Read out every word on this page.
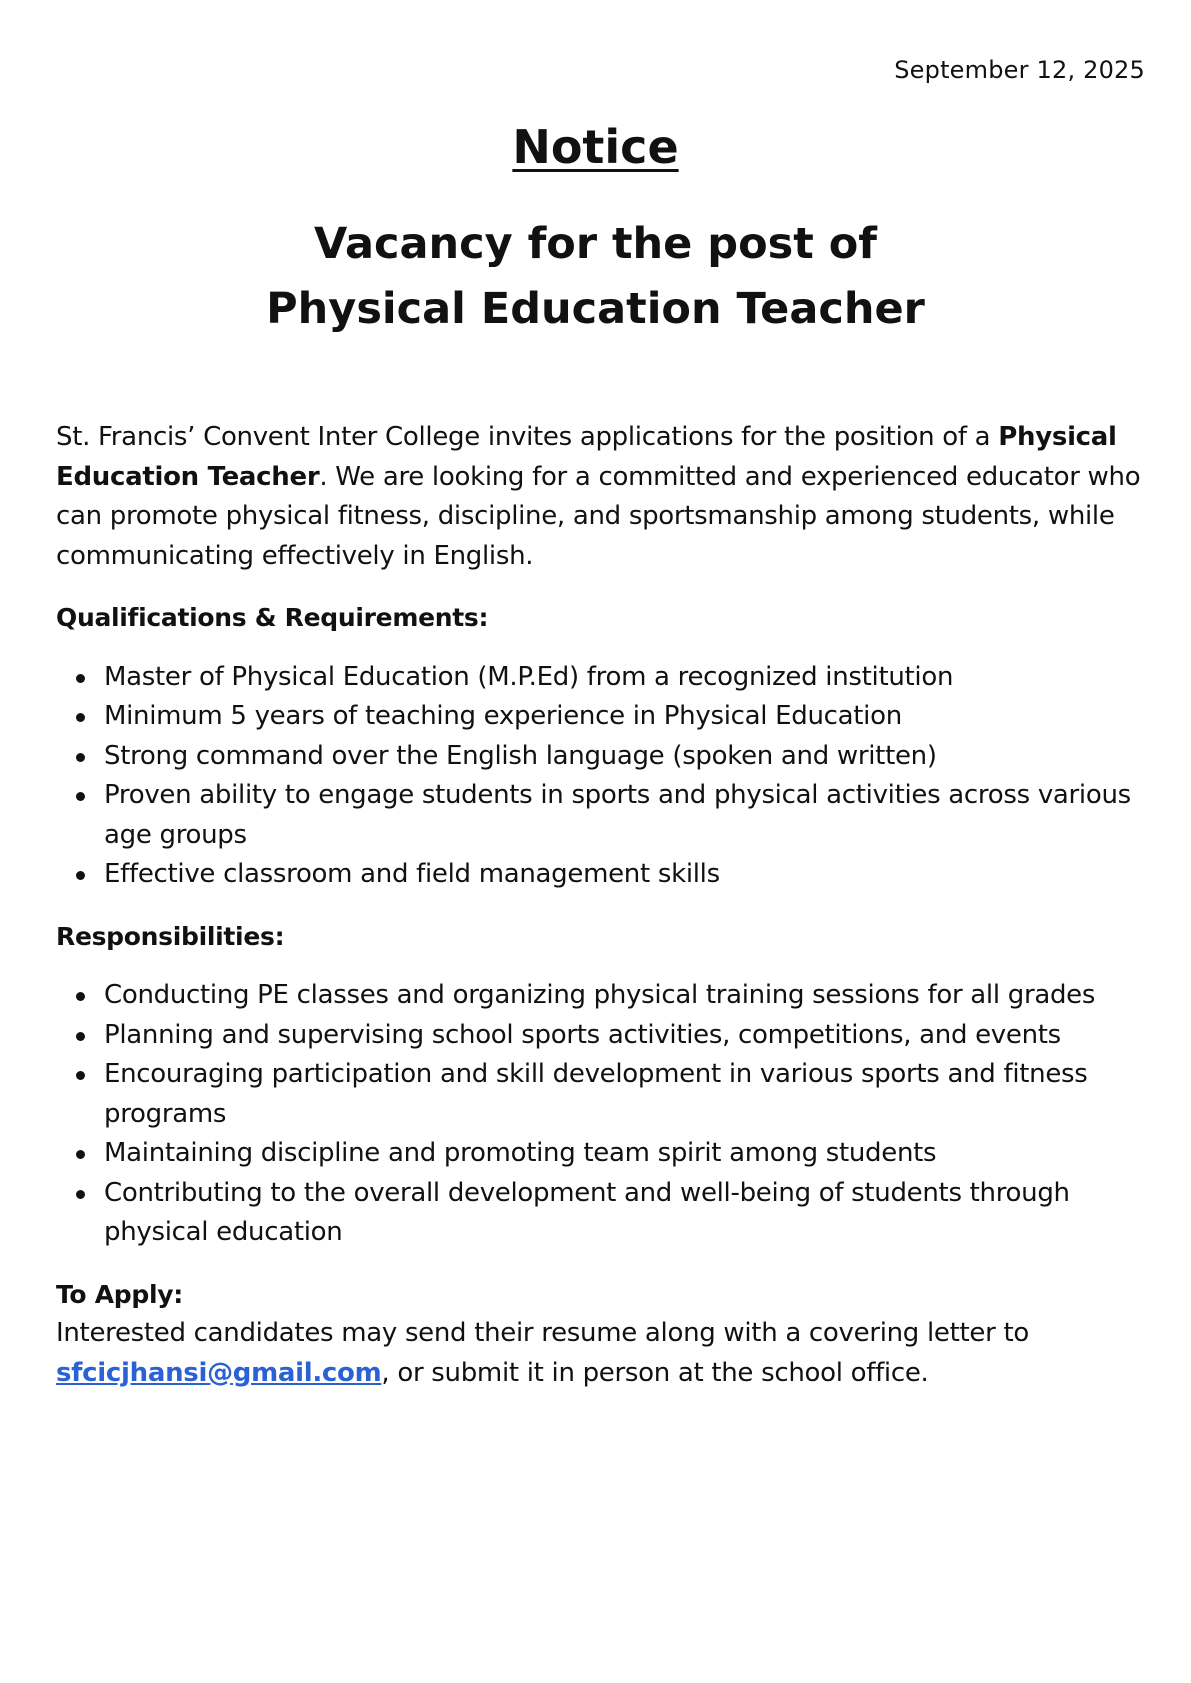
September 12, 2025
Notice
Vacancy for the post of
Physical Education Teacher

St. Francis’ Convent Inter College invites applications for the position of a Physical Education Teacher. We are looking for a committed and experienced educator who can promote physical fitness, discipline, and sportsmanship among students, while communicating effectively in English.

Qualifications & Requirements:
Master of Physical Education (M.P.Ed) from a recognized institution
Minimum 5 years of teaching experience in Physical Education
Strong command over the English language (spoken and written)
Proven ability to engage students in sports and physical activities across various age groups
Effective classroom and field management skills
Responsibilities:
Conducting PE classes and organizing physical training sessions for all grades
Planning and supervising school sports activities, competitions, and events
Encouraging participation and skill development in various sports and fitness programs
Maintaining discipline and promoting team spirit among students
Contributing to the overall development and well-being of students through physical education
To Apply:

Interested candidates may send their resume along with a covering letter to sfcicjhansi@gmail.com, or submit it in person at the school office.
